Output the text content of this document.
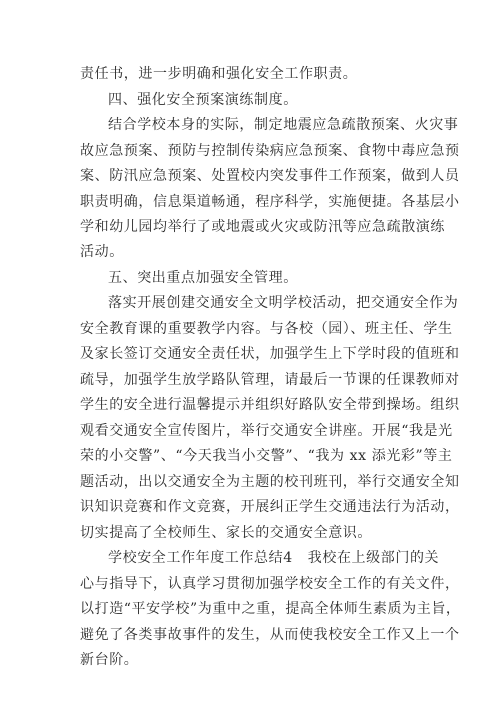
责任书，进一步明确和强化安全工作职责。
四、强化安全预案演练制度。
结合学校本身的实际，制定地震应急疏散预案、火灾事
故应急预案、预防与控制传染病应急预案、食物中毒应急预
案、防汛应急预案、处置校内突发事件工作预案，做到人员
职责明确，信息渠道畅通，程序科学，实施便捷。各基层小
学和幼儿园均举行了或地震或火灾或防汛等应急疏散演练
活动。
五、突出重点加强安全管理。
落实开展创建交通安全文明学校活动，把交通安全作为
安全教育课的重要教学内容。与各校（园）、班主任、学生
及家长签订交通安全责任状，加强学生上下学时段的值班和
疏导，加强学生放学路队管理，请最后一节课的任课教师对
学生的安全进行温馨提示并组织好路队安全带到操场。组织
观看交通安全宣传图片，举行交通安全讲座。开展“我是光
荣的小交警”、“今天我当小交警”、“我为 xx 添光彩”等主
题活动，出以交通安全为主题的校刊班刊，举行交通安全知
识知识竞赛和作文竞赛，开展纠正学生交通违法行为活动，
切实提高了全校师生、家长的交通安全意识。
学校安全工作年度工作总结4 我校在上级部门的关
心与指导下，认真学习贯彻加强学校安全工作的有关文件，
以打造“平安学校”为重中之重，提高全体师生素质为主旨，
避免了各类事故事件的发生，从而使我校安全工作又上一个
新台阶。
